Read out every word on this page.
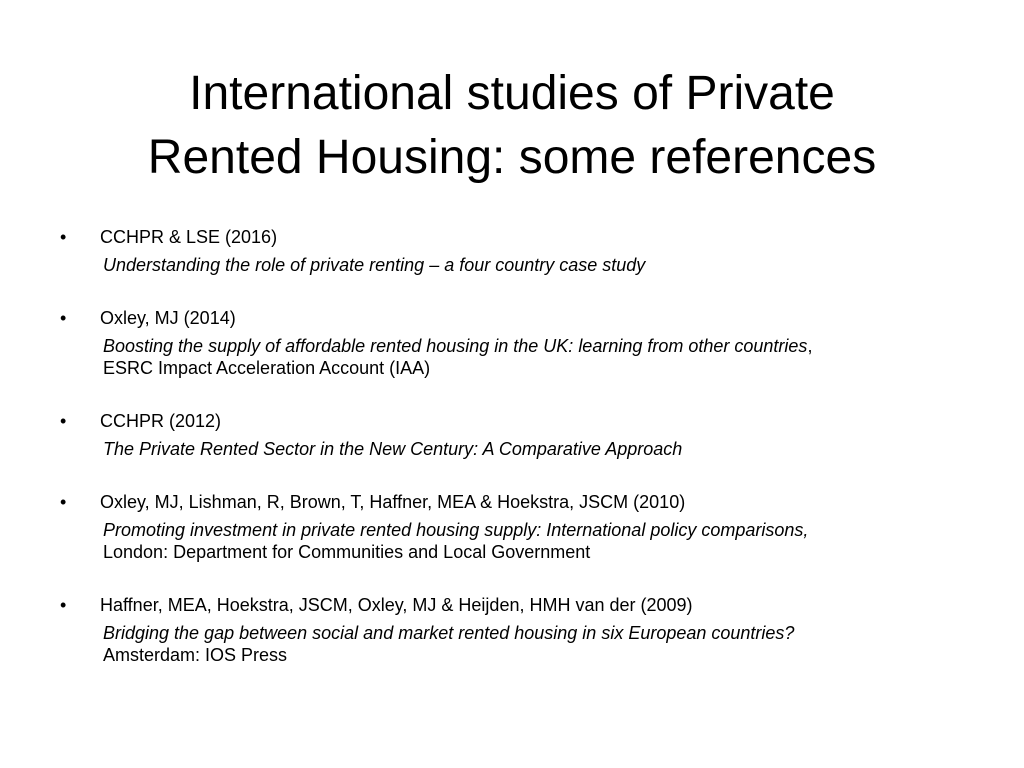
International studies of Private
Rented Housing: some references
• CCHPR & LSE (2016)
Understanding the role of private renting – a four country case study
• Oxley, MJ (2014)
Boosting the supply of affordable rented housing in the UK: learning from other countries,
ESRC Impact Acceleration Account (IAA)
• CCHPR (2012)
The Private Rented Sector in the New Century: A Comparative Approach
• Oxley, MJ, Lishman, R, Brown, T, Haffner, MEA & Hoekstra, JSCM (2010)
Promoting investment in private rented housing supply: International policy comparisons,
London: Department for Communities and Local Government
• Haffner, MEA, Hoekstra, JSCM, Oxley, MJ & Heijden, HMH van der (2009)
Bridging the gap between social and market rented housing in six European countries?
Amsterdam: IOS Press
